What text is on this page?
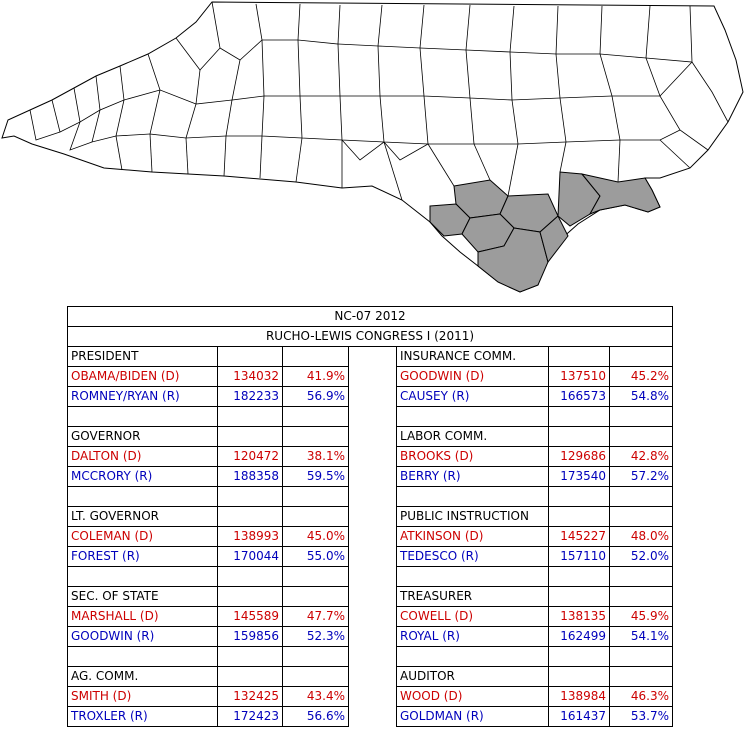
NC-07 2012						
RUCHO-LEWIS CONGRESS I (2011)						
PRESIDENT				INSURANCE COMM.		
OBAMA/BIDEN (D)	134032	41.9%		GOODWIN (D)	137510	45.2%
ROMNEY/RYAN (R)	182233	56.9%		CAUSEY (R)	166573	54.8%

GOVERNOR				LABOR COMM.		
DALTON (D)	120472	38.1%		BROOKS (D)	129686	42.8%
MCCRORY (R)	188358	59.5%		BERRY (R)	173540	57.2%

LT. GOVERNOR				PUBLIC INSTRUCTION		
COLEMAN (D)	138993	45.0%		ATKINSON (D)	145227	48.0%
FOREST (R)	170044	55.0%		TEDESCO (R)	157110	52.0%

SEC. OF STATE				TREASURER		
MARSHALL (D)	145589	47.7%		COWELL (D)	138135	45.9%
GOODWIN (R)	159856	52.3%		ROYAL (R)	162499	54.1%

AG. COMM.				AUDITOR		
SMITH (D)	132425	43.4%		WOOD (D)	138984	46.3%
TROXLER (R)	172423	56.6%		GOLDMAN (R)	161437	53.7%
